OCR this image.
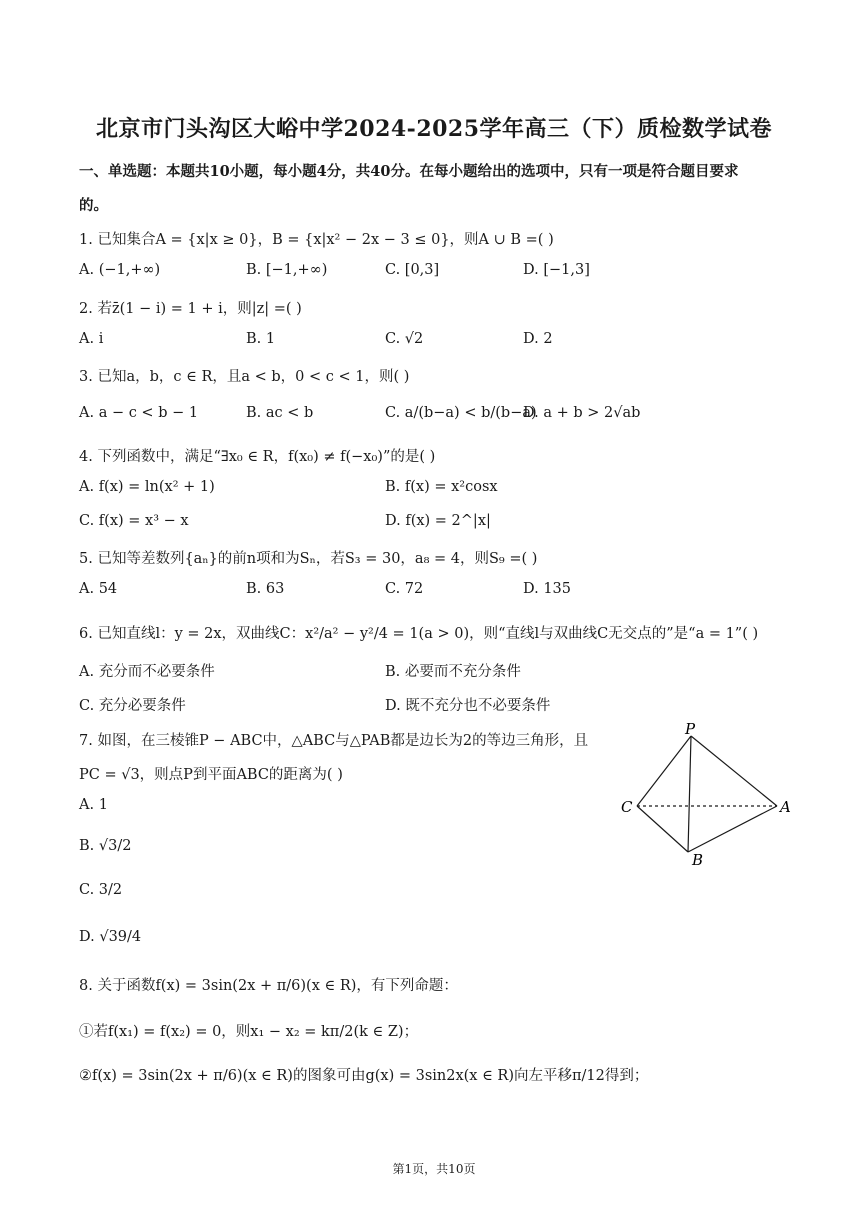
北京市门头沟区大峪中学2024-2025学年高三（下）质检数学试卷
一、单选题：本题共10小题，每小题4分，共40分。在每小题给出的选项中，只有一项是符合题目要求
的。
1. 已知集合A = {x|x ≥ 0}，B = {x|x² − 2x − 3 ≤ 0}，则A ∪ B =( )
A. (−1,+∞)	B. [−1,+∞)	C. [0,3]	D. [−1,3]
2. 若z̄(1 − i) = 1 + i，则|z| =( )
A. i	B. 1	C. √2	D. 2
3. 已知a，b，c ∈ R，且a < b，0 < c < 1，则( )
A. a − c < b − 1	B. ac < b	C. a/(b−a) < b/(b−a)
D. a + b > 2√ab
4. 下列函数中，满足“∃x₀ ∈ R，f(x₀) ≠ f(−x₀)”的是( )
A. f(x) = ln(x² + 1)	B. f(x) = x²cosx
C. f(x) = x³ − x	D. f(x) = 2^|x|
5. 已知等差数列{aₙ}的前n项和为Sₙ，若S₃ = 30，a₈ = 4，则S₉ =( )
A. 54	B. 63	C. 72	D. 135
6. 已知直线l：y = 2x，双曲线C：x²/a² − y²/4 = 1(a > 0)，则“直线l与双曲线C无交点的”是“a = 1”( )
A. 充分而不必要条件	B. 必要而不充分条件
C. 充分必要条件	D. 既不充分也不必要条件
7. 如图，在三棱锥P − ABC中，△ABC与△PAB都是边长为2的等边三角形，且
PC = √3，则点P到平面ABC的距离为( )
A. 1
B. √3/2
C. 3/2
D. √39/4
P
C	A
B
8. 关于函数f(x) = 3sin(2x + π/6)(x ∈ R)，有下列命题：
①若f(x₁) = f(x₂) = 0，则x₁ − x₂ = kπ/2(k ∈ Z)；
②f(x) = 3sin(2x + π/6)(x ∈ R)的图象可由g(x) = 3sin2x(x ∈ R)向左平移π/12得到；
第1页，共10页
